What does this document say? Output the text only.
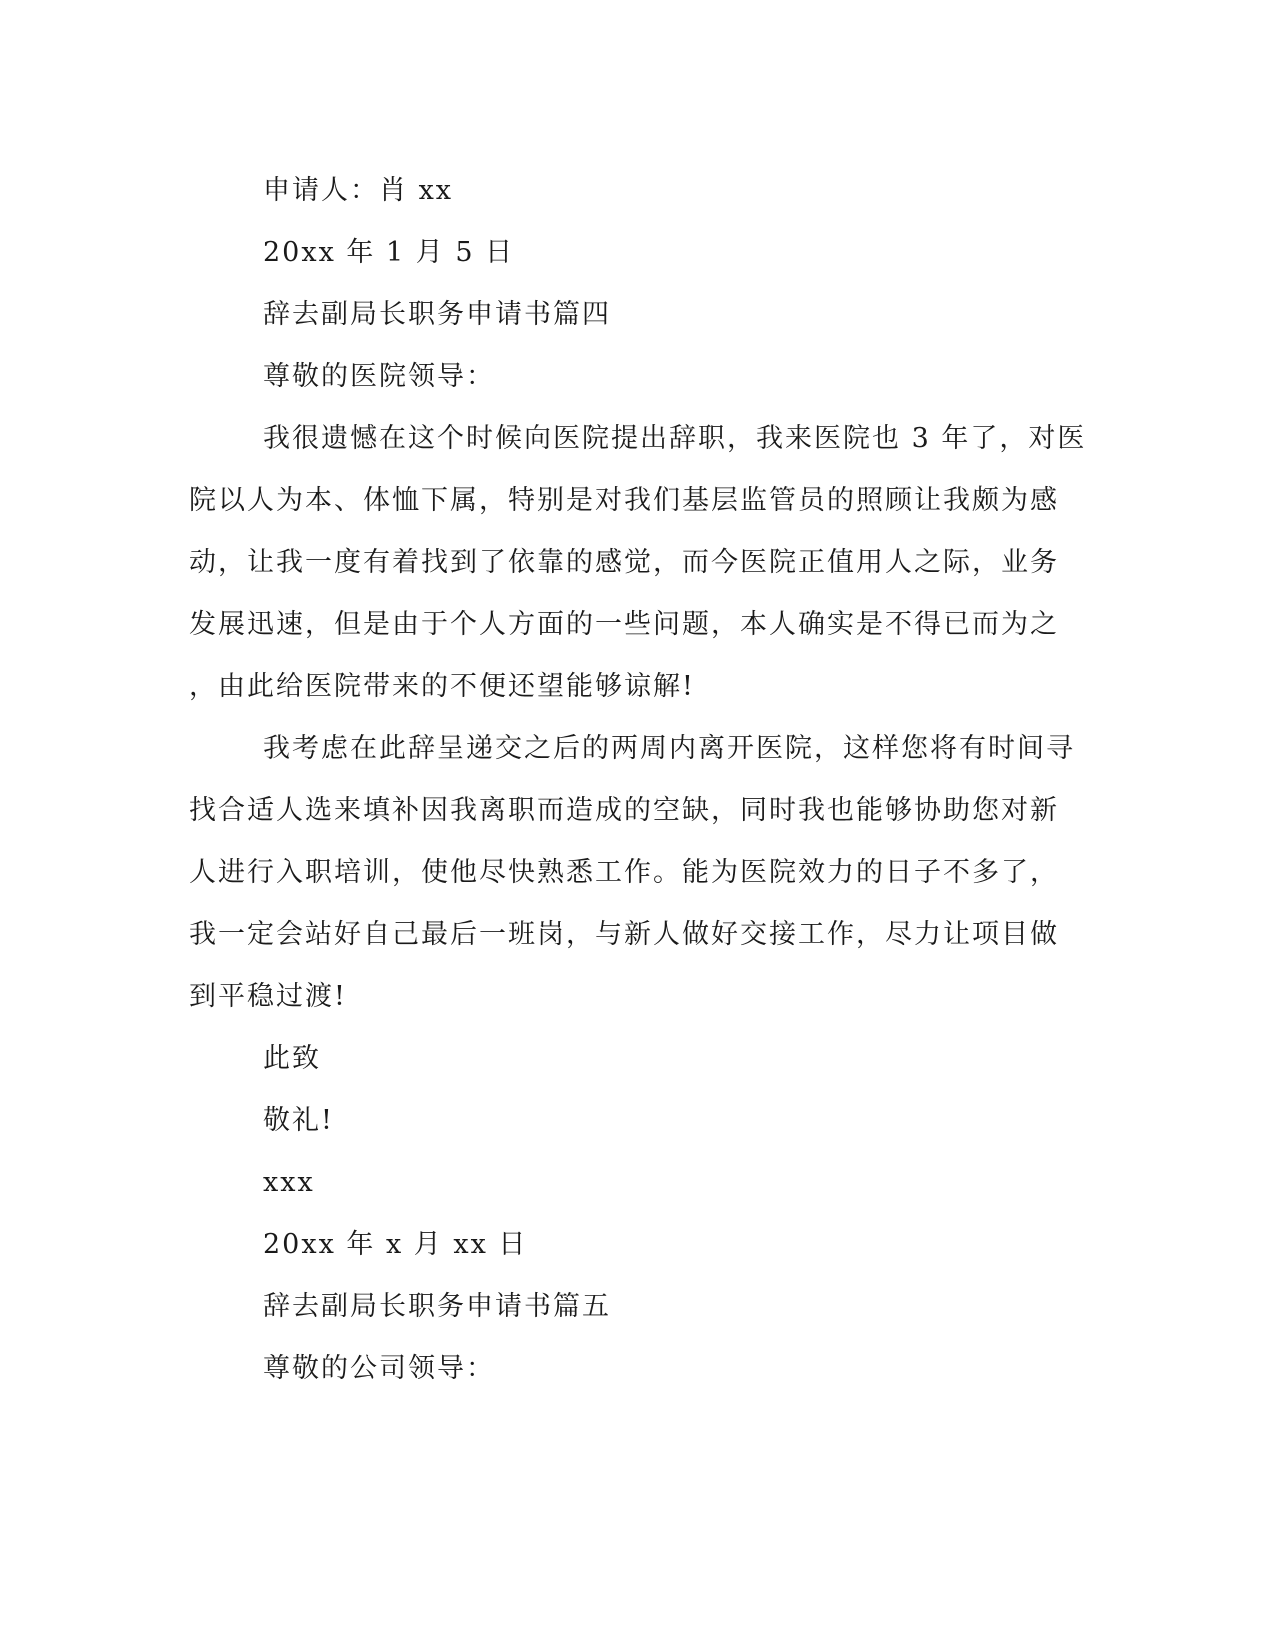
申请人：肖 xx

20xx 年 1 月 5 日

辞去副局长职务申请书篇四

尊敬的医院领导：

我很遗憾在这个时候向医院提出辞职，我来医院也 3 年了，对医

院以人为本、体恤下属，特别是对我们基层监管员的照顾让我颇为感

动，让我一度有着找到了依靠的感觉，而今医院正值用人之际，业务

发展迅速，但是由于个人方面的一些问题，本人确实是不得已而为之

，由此给医院带来的不便还望能够谅解!

我考虑在此辞呈递交之后的两周内离开医院，这样您将有时间寻

找合适人选来填补因我离职而造成的空缺，同时我也能够协助您对新

人进行入职培训，使他尽快熟悉工作。能为医院效力的日子不多了，

我一定会站好自己最后一班岗，与新人做好交接工作，尽力让项目做

到平稳过渡!

此致

敬礼!

xxx

20xx 年 x 月 xx 日

辞去副局长职务申请书篇五

尊敬的公司领导：
